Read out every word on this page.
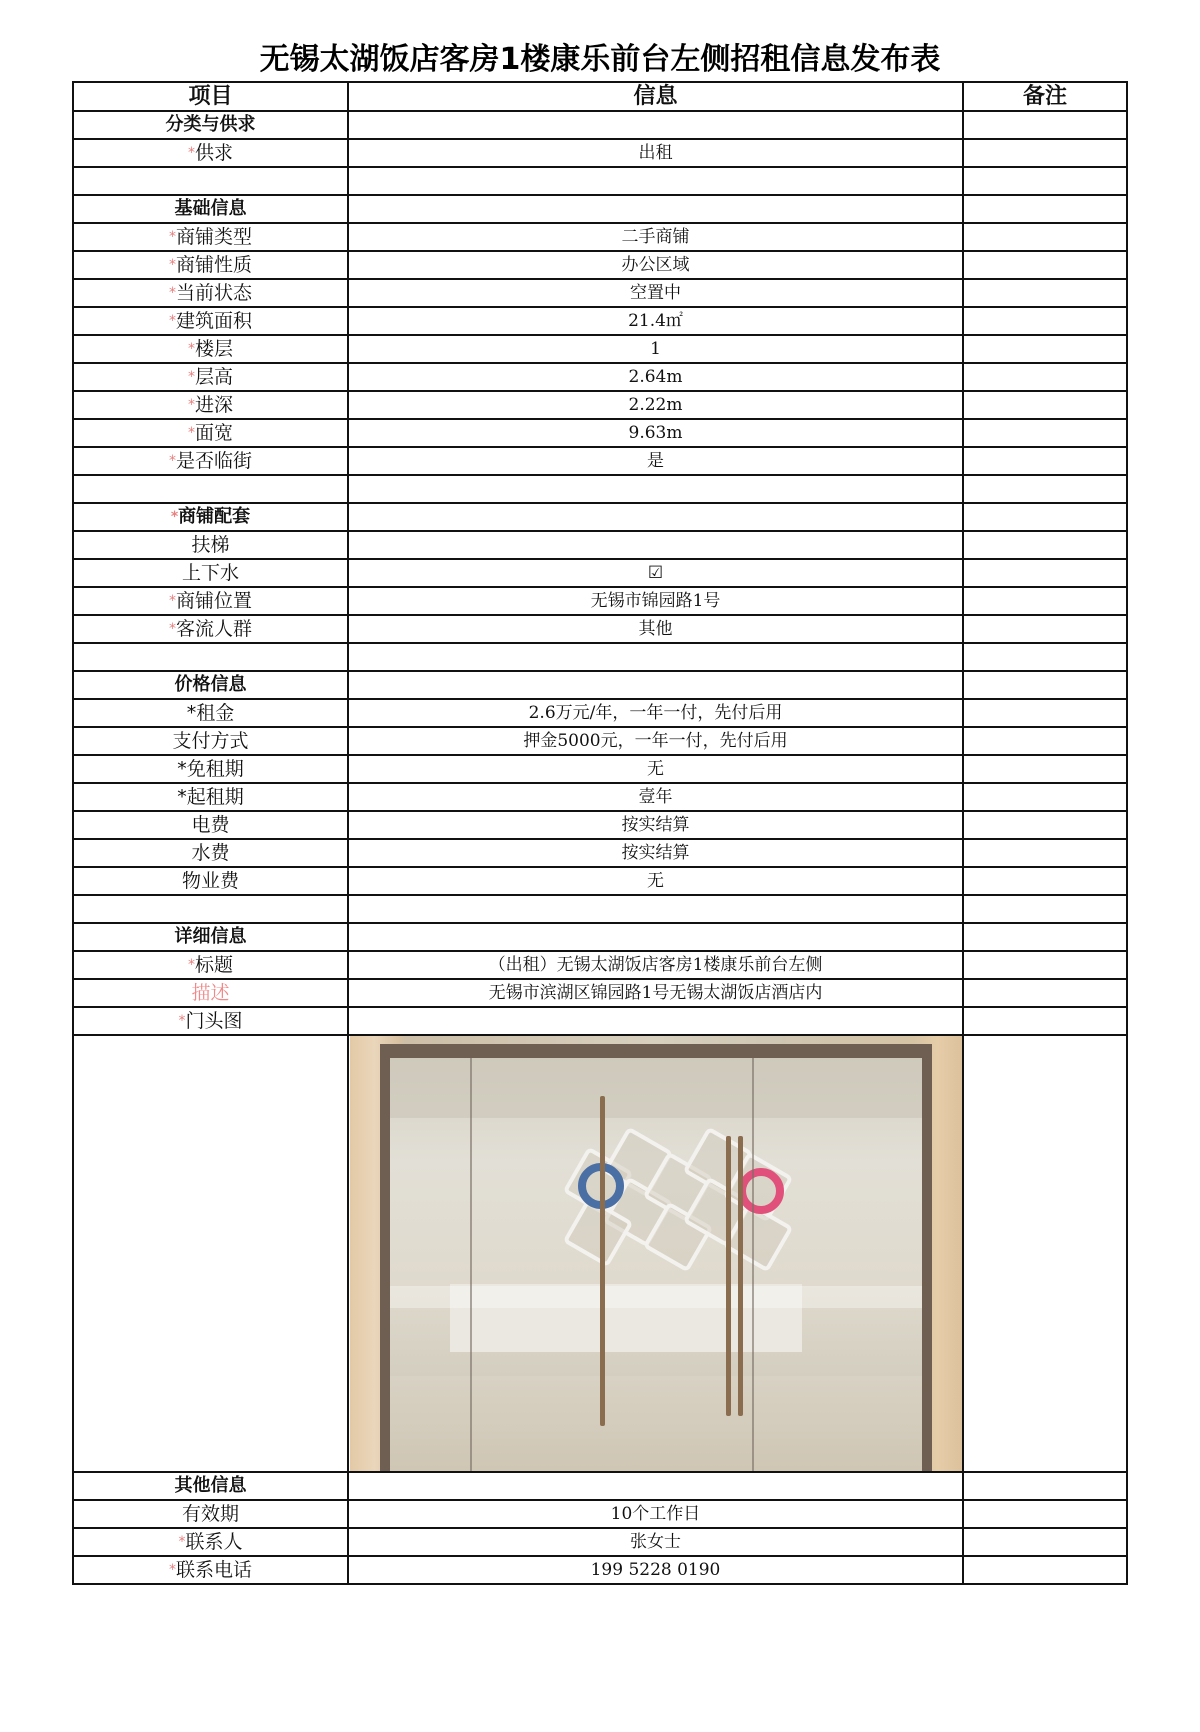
无锡太湖饭店客房1楼康乐前台左侧招租信息发布表
项目	信息	备注
分类与供求		
*供求	出租	

基础信息		
*商铺类型	二手商铺	
*商铺性质	办公区域	
*当前状态	空置中	
*建筑面积	21.4㎡	
*楼层	1	
*层高	2.64m	
*进深	2.22m	
*面宽	9.63m	
*是否临街	是	

*商铺配套		
扶梯		
上下水	☑	
*商铺位置	无锡市锦园路1号	
*客流人群	其他	

价格信息		
*租金	2.6万元/年，一年一付，先付后用	
支付方式	押金5000元，一年一付，先付后用	
*免租期	无	
*起租期	壹年	
电费	按实结算	
水费	按实结算	
物业费	无	

详细信息		
*标题	（出租）无锡太湖饭店客房1楼康乐前台左侧	
描述	无锡市滨湖区锦园路1号无锡太湖饭店酒店内	
*门头图		

其他信息		
有效期	10个工作日	
*联系人	张女士	
*联系电话	199 5228 0190	
